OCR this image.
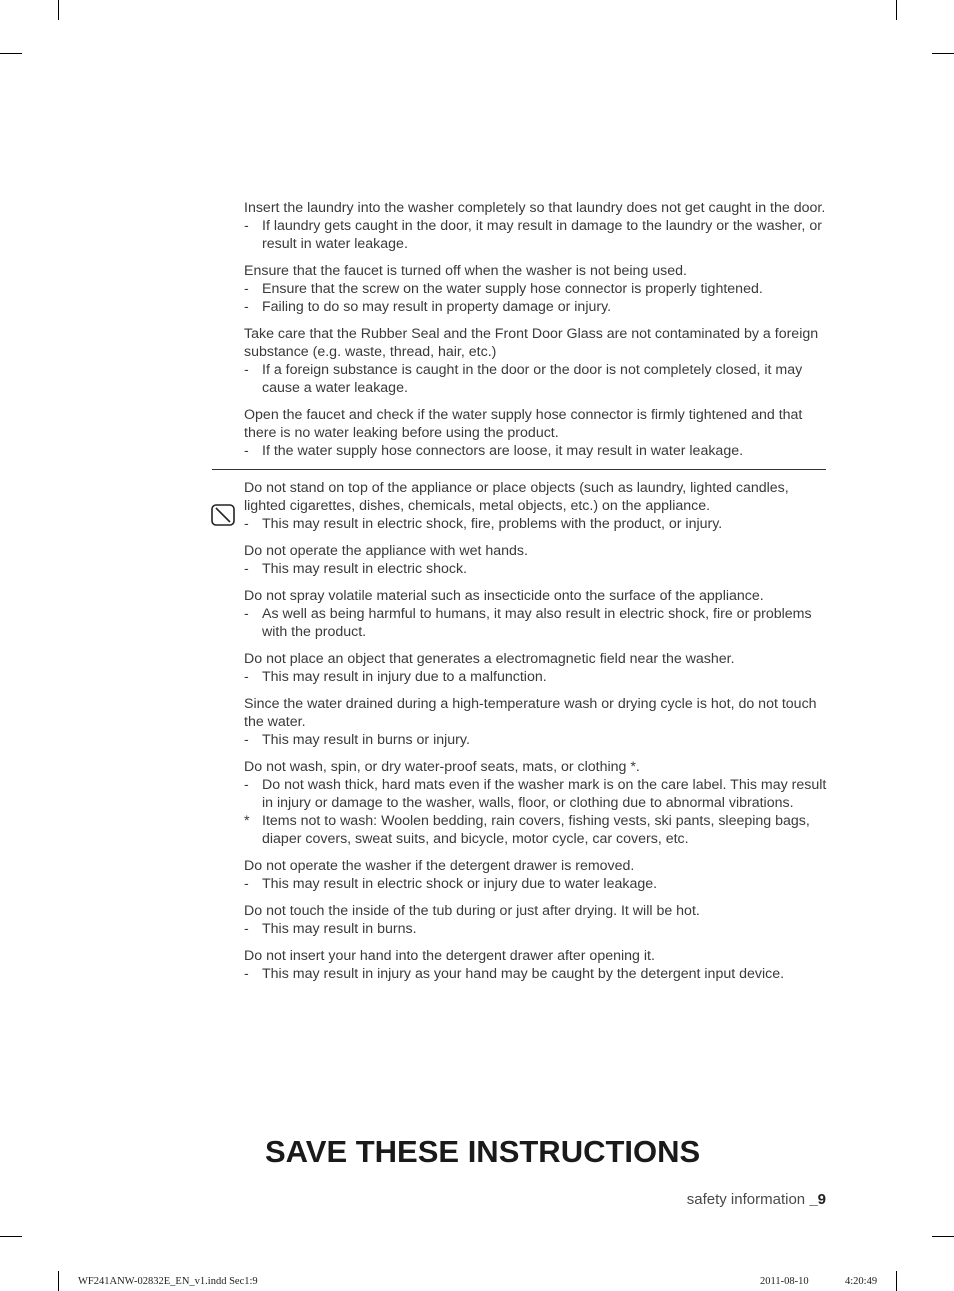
Insert the laundry into the washer completely so that laundry does not get caught in the door.
- If laundry gets caught in the door, it may result in damage to the laundry or the washer, or result in water leakage.
Ensure that the faucet is turned off when the washer is not being used.
- Ensure that the screw on the water supply hose connector is properly tightened.
- Failing to do so may result in property damage or injury.
Take care that the Rubber Seal and the Front Door Glass are not contaminated by a foreign substance (e.g. waste, thread, hair, etc.)
- If a foreign substance is caught in the door or the door is not completely closed, it may cause a water leakage.
Open the faucet and check if the water supply hose connector is firmly tightened and that there is no water leaking before using the product.
- If the water supply hose connectors are loose, it may result in water leakage.
Do not stand on top of the appliance or place objects (such as laundry, lighted candles, lighted cigarettes, dishes, chemicals, metal objects, etc.) on the appliance.
- This may result in electric shock, fire, problems with the product, or injury.
Do not operate the appliance with wet hands.
- This may result in electric shock.
Do not spray volatile material such as insecticide onto the surface of the appliance.
- As well as being harmful to humans, it may also result in electric shock, fire or problems with the product.
Do not place an object that generates a electromagnetic field near the washer.
- This may result in injury due to a malfunction.
Since the water drained during a high-temperature wash or drying cycle is hot, do not touch the water.
- This may result in burns or injury.
Do not wash, spin, or dry water-proof seats, mats, or clothing *.
- Do not wash thick, hard mats even if the washer mark is on the care label. This may result in injury or damage to the washer, walls, floor, or clothing due to abnormal vibrations.
* Items not to wash: Woolen bedding, rain covers, fishing vests, ski pants, sleeping bags, diaper covers, sweat suits, and bicycle, motor cycle, car covers, etc.
Do not operate the washer if the detergent drawer is removed.
- This may result in electric shock or injury due to water leakage.
Do not touch the inside of the tub during or just after drying. It will be hot.
- This may result in burns.
Do not insert your hand into the detergent drawer after opening it.
- This may result in injury as your hand may be caught by the detergent input device.
SAVE THESE INSTRUCTIONS
safety information _9
WF241ANW-02832E_EN_v1.indd Sec1:9	2011-08-10	4:20:49
